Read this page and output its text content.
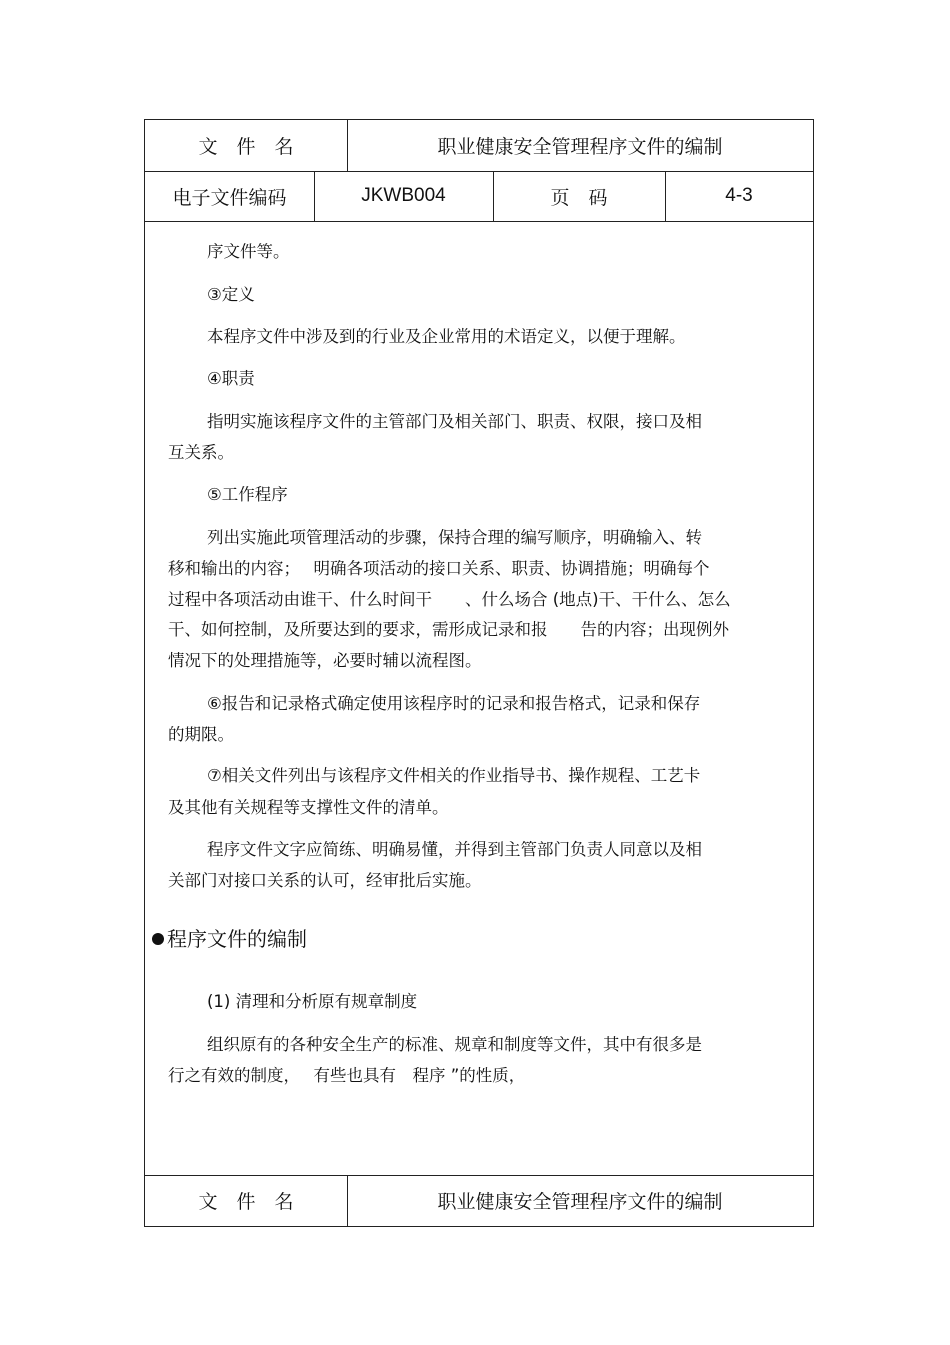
文　件　名	职业健康安全管理程序文件的编制
电子文件编码	JKWB004	页　码	4-3
文　件　名	职业健康安全管理程序文件的编制
序文件等。
③定义
本程序文件中涉及到的行业及企业常用的术语定义，以便于理解。
④职责
指明实施该程序文件的主管部门及相关部门、职责、权限，接口及相
互关系。
⑤工作程序
列出实施此项管理活动的步骤，保持合理的编写顺序，明确输入、转
移和输出的内容；　 明确各项活动的接口关系、职责、协调措施；明确每个
过程中各项活动由谁干、什么时间干　　、什么场合 (地点)干、干什么、怎么
干、如何控制，及所要达到的要求，需形成记录和报　　告的内容；出现例外
情况下的处理措施等，必要时辅以流程图。
⑥报告和记录格式确定使用该程序时的记录和报告格式，记录和保存
的期限。
⑦相关文件列出与该程序文件相关的作业指导书、操作规程、工艺卡
及其他有关规程等支撑性文件的清单。
程序文件文字应简练、明确易懂，并得到主管部门负责人同意以及相
关部门对接口关系的认可，经审批后实施。
程序文件的编制
(1) 清理和分析原有规章制度
组织原有的各种安全生产的标准、规章和制度等文件，其中有很多是
行之有效的制度，　 有些也具有　程序 ”的性质，
